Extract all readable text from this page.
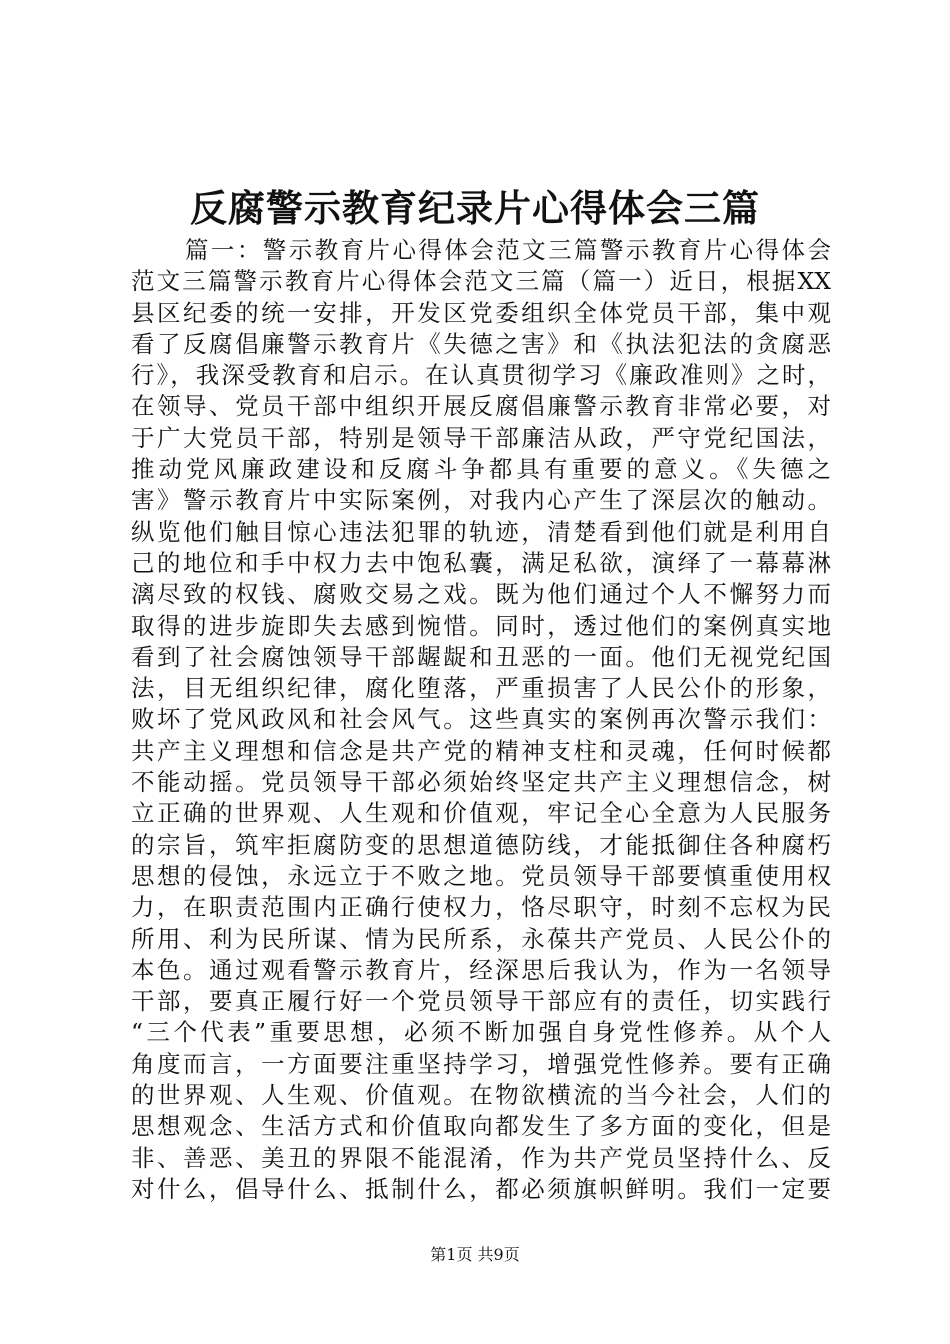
反腐警示教育纪录片心得体会三篇
篇一：警示教育片心得体会范文三篇警示教育片心得体会
范文三篇警示教育片心得体会范文三篇（篇一）近日，根据XX
县区纪委的统一安排，开发区党委组织全体党员干部，集中观
看了反腐倡廉警示教育片《失德之害》和《执法犯法的贪腐恶
行》，我深受教育和启示。在认真贯彻学习《廉政准则》之时，
在领导、党员干部中组织开展反腐倡廉警示教育非常必要，对
于广大党员干部，特别是领导干部廉洁从政，严守党纪国法，
推动党风廉政建设和反腐斗争都具有重要的意义。《失德之
害》警示教育片中实际案例，对我内心产生了深层次的触动。
纵览他们触目惊心违法犯罪的轨迹，清楚看到他们就是利用自
己的地位和手中权力去中饱私囊，满足私欲，演绎了一幕幕淋
漓尽致的权钱、腐败交易之戏。既为他们通过个人不懈努力而
取得的进步旋即失去感到惋惜。同时，透过他们的案例真实地
看到了社会腐蚀领导干部龌龊和丑恶的一面。他们无视党纪国
法，目无组织纪律，腐化堕落，严重损害了人民公仆的形象，
败坏了党风政风和社会风气。这些真实的案例再次警示我们：
共产主义理想和信念是共产党的精神支柱和灵魂，任何时候都
不能动摇。党员领导干部必须始终坚定共产主义理想信念，树
立正确的世界观、人生观和价值观，牢记全心全意为人民服务
的宗旨，筑牢拒腐防变的思想道德防线，才能抵御住各种腐朽
思想的侵蚀，永远立于不败之地。党员领导干部要慎重使用权
力，在职责范围内正确行使权力，恪尽职守，时刻不忘权为民
所用、利为民所谋、情为民所系，永葆共产党员、人民公仆的
本色。通过观看警示教育片，经深思后我认为，作为一名领导
干部，要真正履行好一个党员领导干部应有的责任，切实践行
“三个代表”重要思想，必须不断加强自身党性修养。从个人
角度而言，一方面要注重坚持学习，增强党性修养。要有正确
的世界观、人生观、价值观。在物欲横流的当今社会，人们的
思想观念、生活方式和价值取向都发生了多方面的变化，但是
非、善恶、美丑的界限不能混淆，作为共产党员坚持什么、反
对什么，倡导什么、抵制什么，都必须旗帜鲜明。我们一定要
第1页 共9页
